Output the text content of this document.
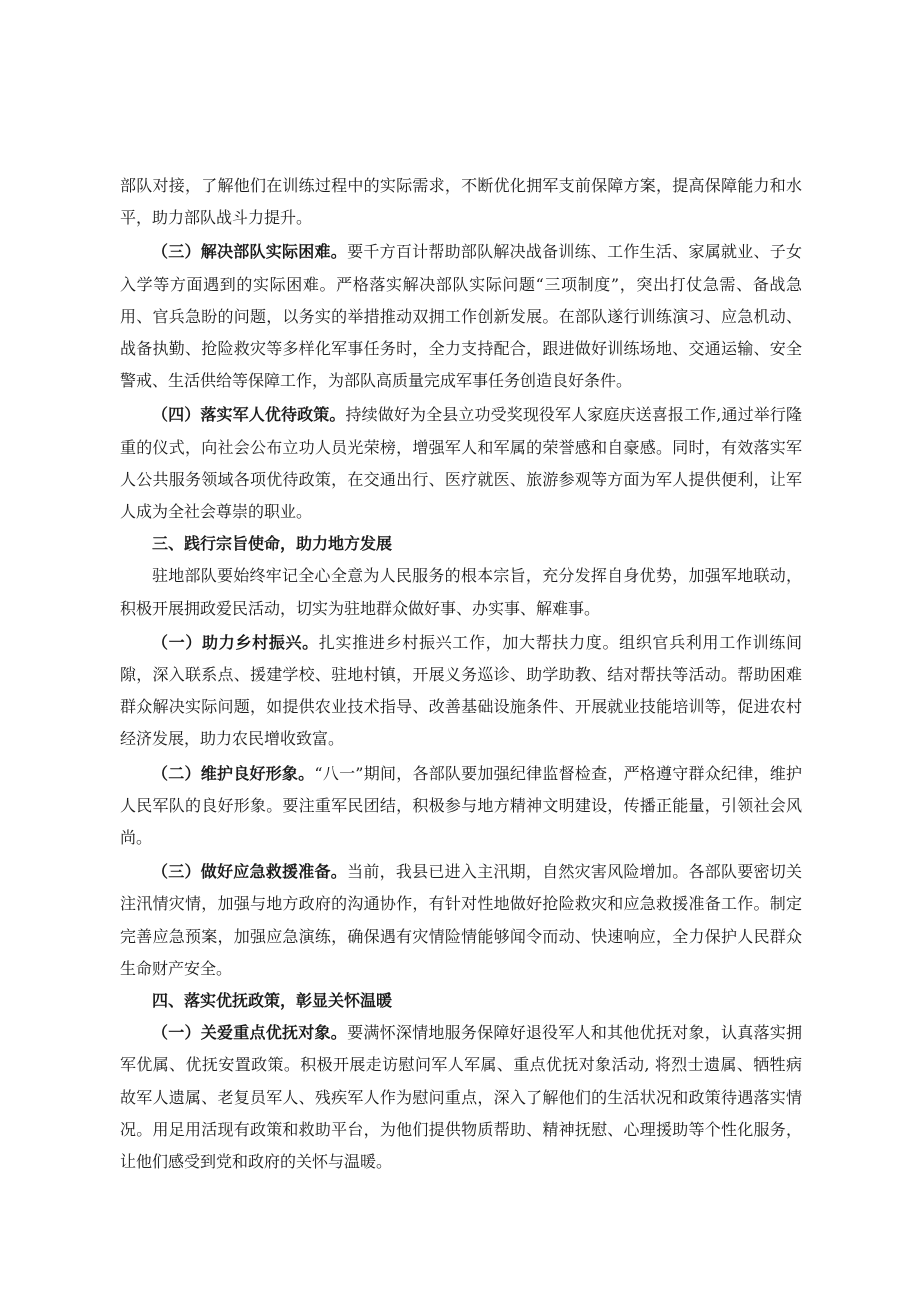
部队对接，了解他们在训练过程中的实际需求，不断优化拥军支前保障方案，提高保障能力和水平，助力部队战斗力提升。

（三）解决部队实际困难。要千方百计帮助部队解决战备训练、工作生活、家属就业、子女入学等方面遇到的实际困难。严格落实解决部队实际问题“三项制度”，突出打仗急需、备战急用、官兵急盼的问题，以务实的举措推动双拥工作创新发展。在部队遂行训练演习、应急机动、战备执勤、抢险救灾等多样化军事任务时，全力支持配合，跟进做好训练场地、交通运输、安全警戒、生活供给等保障工作，为部队高质量完成军事任务创造良好条件。

（四）落实军人优待政策。持续做好为全县立功受奖现役军人家庭庆送喜报工作,通过举行隆重的仪式，向社会公布立功人员光荣榜，增强军人和军属的荣誉感和自豪感。同时，有效落实军人公共服务领域各项优待政策，在交通出行、医疗就医、旅游参观等方面为军人提供便利，让军人成为全社会尊崇的职业。

三、践行宗旨使命，助力地方发展

驻地部队要始终牢记全心全意为人民服务的根本宗旨，充分发挥自身优势，加强军地联动，积极开展拥政爱民活动，切实为驻地群众做好事、办实事、解难事。

（一）助力乡村振兴。扎实推进乡村振兴工作，加大帮扶力度。组织官兵利用工作训练间隙，深入联系点、援建学校、驻地村镇，开展义务巡诊、助学助教、结对帮扶等活动。帮助困难群众解决实际问题，如提供农业技术指导、改善基础设施条件、开展就业技能培训等，促进农村经济发展，助力农民增收致富。

（二）维护良好形象。“八一”期间，各部队要加强纪律监督检查，严格遵守群众纪律，维护人民军队的良好形象。要注重军民团结，积极参与地方精神文明建设，传播正能量，引领社会风尚。

（三）做好应急救援准备。当前，我县已进入主汛期，自然灾害风险增加。各部队要密切关注汛情灾情，加强与地方政府的沟通协作，有针对性地做好抢险救灾和应急救援准备工作。制定完善应急预案，加强应急演练，确保遇有灾情险情能够闻令而动、快速响应，全力保护人民群众生命财产安全。

四、落实优抚政策，彰显关怀温暖

（一）关爱重点优抚对象。要满怀深情地服务保障好退役军人和其他优抚对象，认真落实拥军优属、优抚安置政策。积极开展走访慰问军人军属、重点优抚对象活动, 将烈士遗属、牺牲病故军人遗属、老复员军人、残疾军人作为慰问重点，深入了解他们的生活状况和政策待遇落实情况。用足用活现有政策和救助平台，为他们提供物质帮助、精神抚慰、心理援助等个性化服务，让他们感受到党和政府的关怀与温暖。
